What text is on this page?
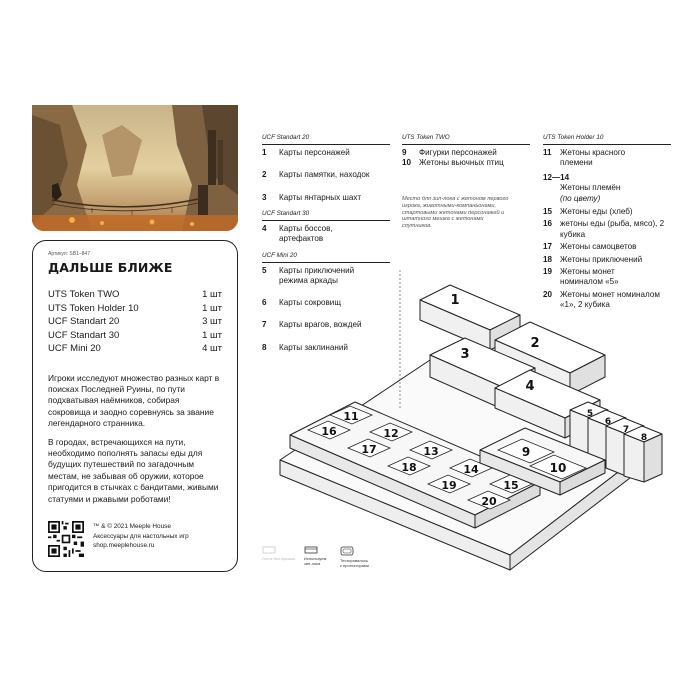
Артикул: SB1–847
ДАЛЬШЕ БЛИЖЕ
UTS Token TWO	1 шт
UTS Token Holder 10	1 шт
UCF Standart 20	3 шт
UCF Standart 30	1 шт
UCF Mini 20	4 шт

Игроки исследуют множество разных карт в поисках Последней Руины, по пути подхватывая наёмников, собирая сокровища и заодно соревнуясь за звание легендарного странника.

В городах, встречающихся на пути, необходимо пополнять запасы еды для будущих путешествий по загадочным местам, не забывая об оружии, которое пригодится в стычках с бандитами, живыми статуями и ржавыми роботами!

™ & © 2021 Meeple House
Аксессуары для настольных игр
shop.meeplehouse.ru
UCF Standart 20
1	Карты персонажей
2	Карты памятки, находок
3	Карты янтарных шахт
UCF Standart 30
4	Карты боссов, артефактов
UCF Mini 20
5	Карты приключений режима аркады
6	Карты сокровищ
7	Карты врагов, вождей
8	Карты заклинаний
UTS Token TWO
9	Фигурки персонажей
10 Жетоны вьючных птиц
Место для зип-лока с жетоном первого игрока, животными-компаньонами, стартовыми жетонами персонажей и штатного мешка с жетонами спутников.
UTS Token Holder 10
11	Жетоны красного племени
12—14
Жетоны племён
(по цвету)
15 Жетоны еды (хлеб)
16 жетоны еды (рыба, мясо), 2 кубика
17 Жетоны самоцветов
18 Жетоны приключений
19 Жетоны монет номиналом «5»
20 Жетоны монет номиналом «1», 2 кубика
1
2
3
4
5
6
7
8
9
10
11
12
13
14
15
16
17
18
19
20
Лоток без крышки Используем
зип-лока
Тестировалось
с протекторами
